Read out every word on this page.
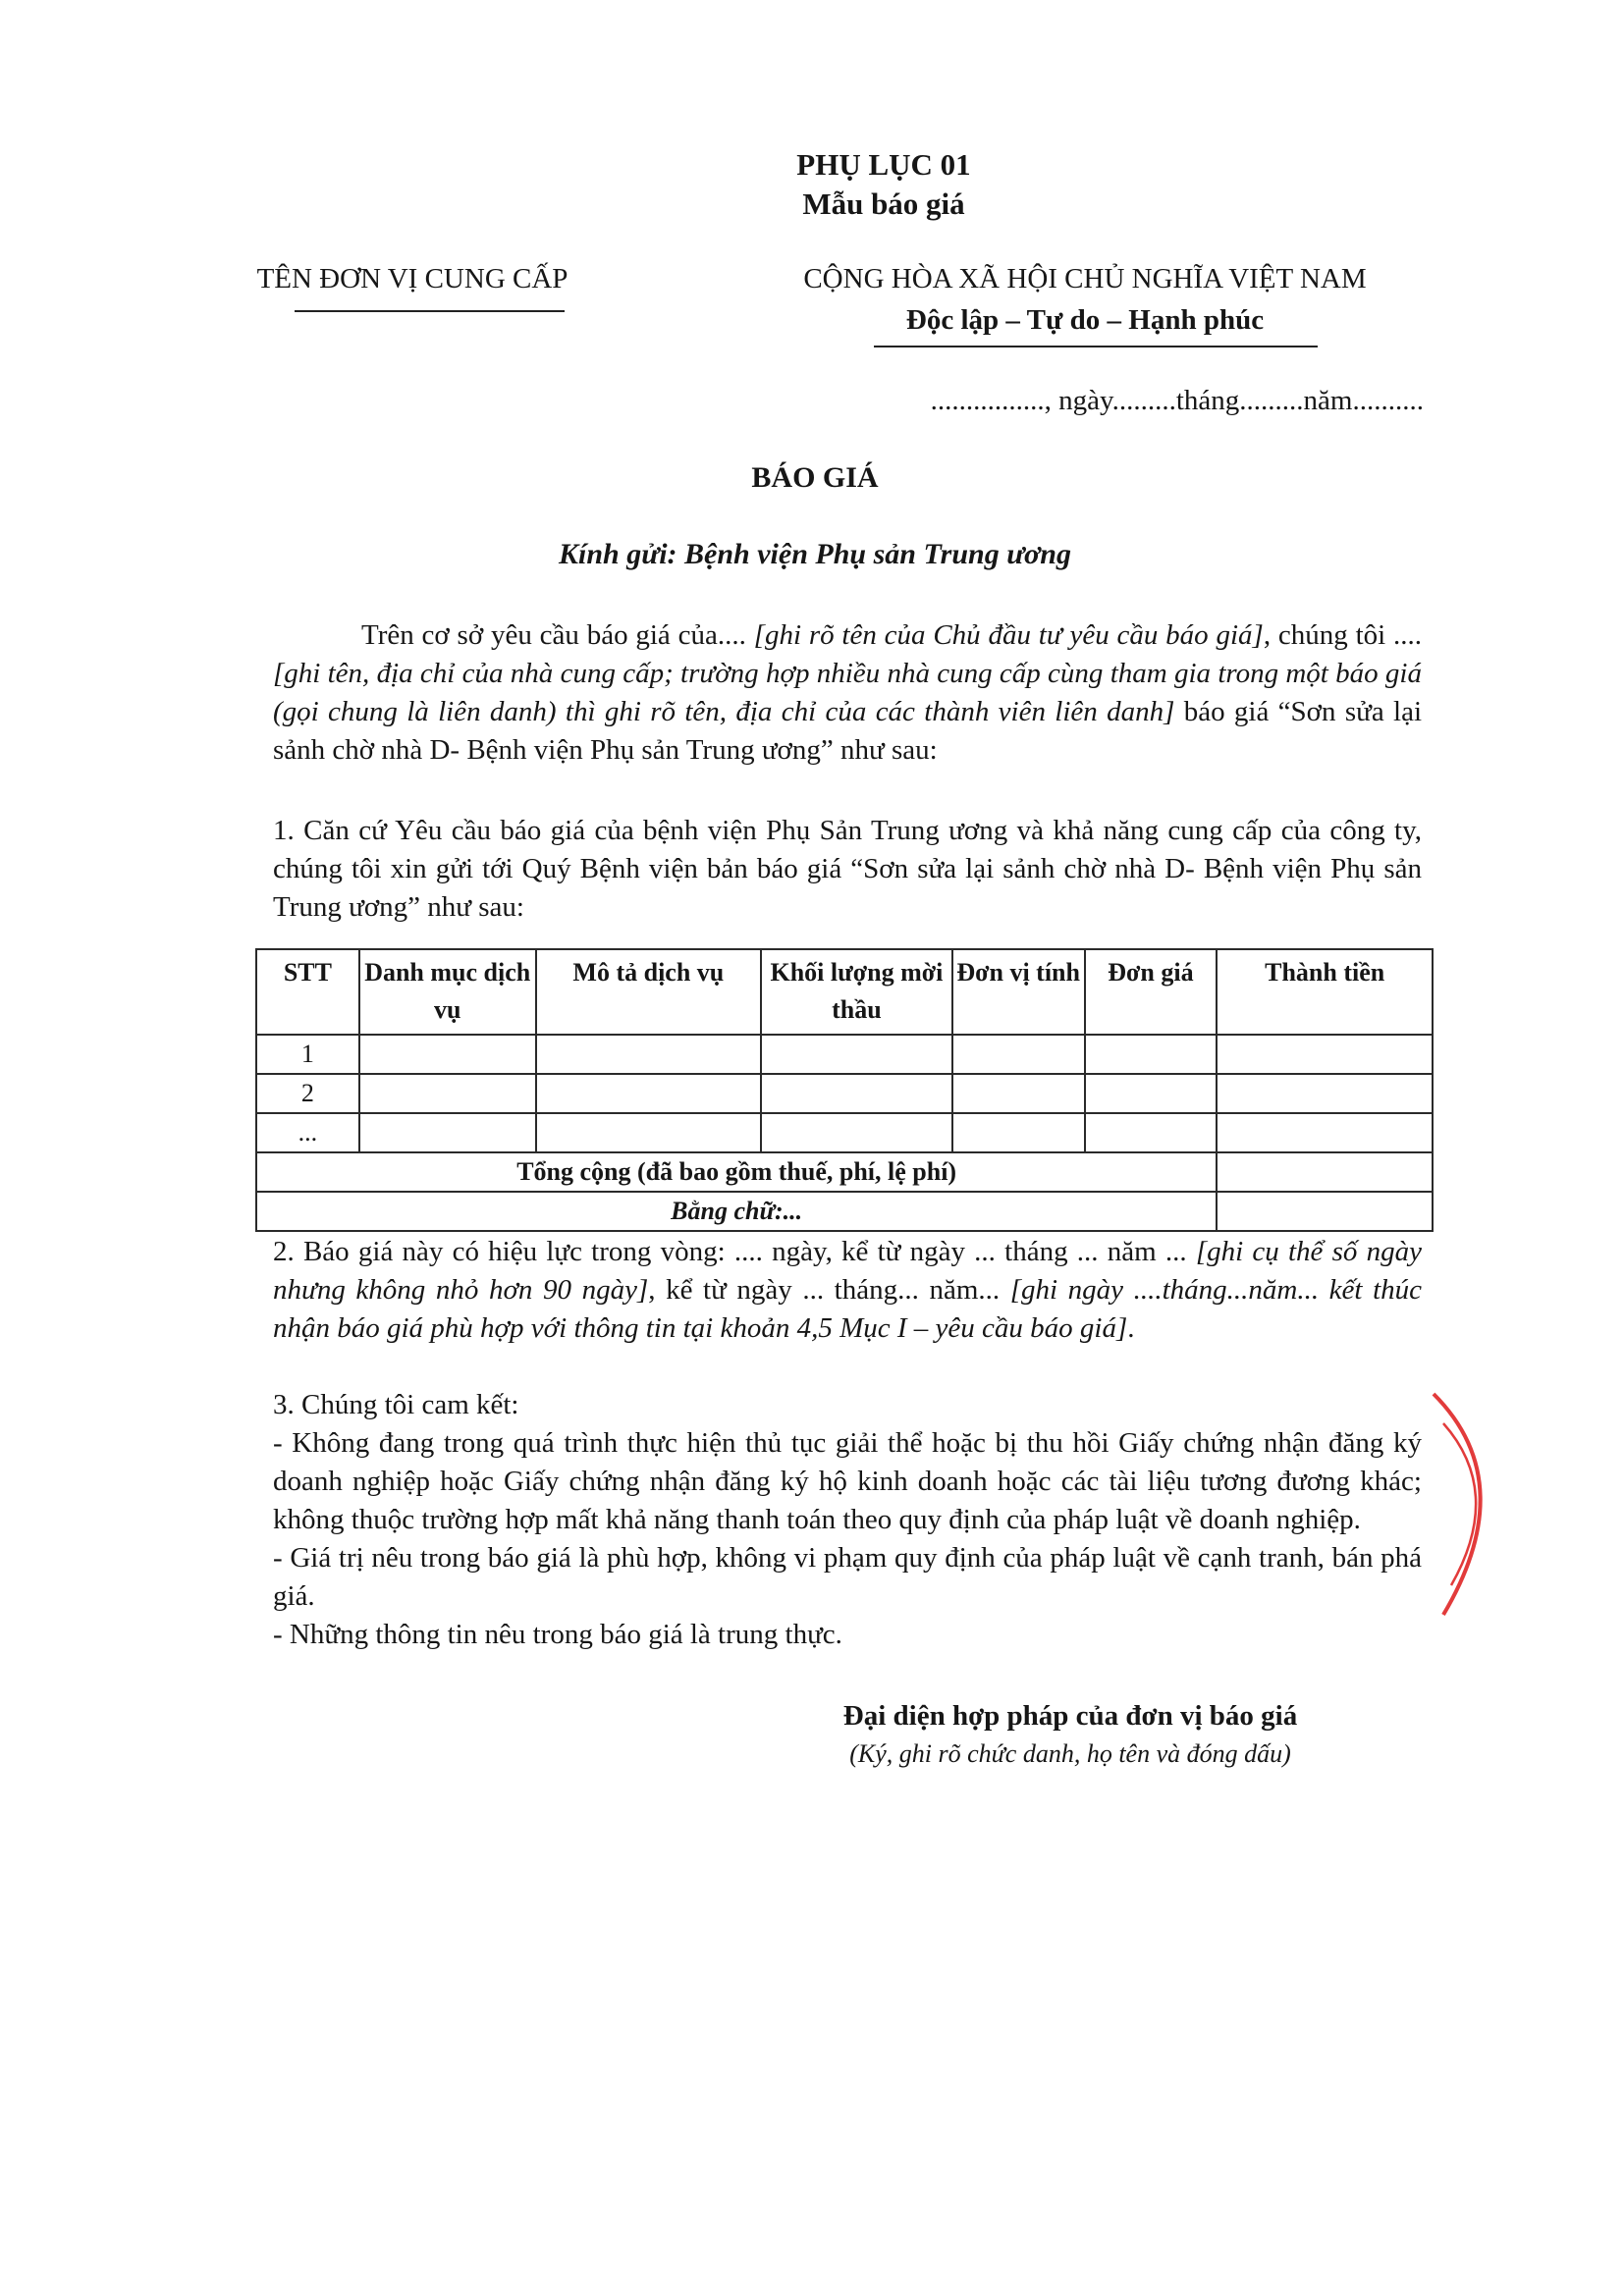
PHỤ LỤC 01
Mẫu báo giá
TÊN ĐƠN VỊ CUNG CẤP	CỘNG HÒA XÃ HỘI CHỦ NGHĨA VIỆT NAM
Độc lập – Tự do – Hạnh phúc
................, ngày.........tháng.........năm..........
BÁO GIÁ
Kính gửi: Bệnh viện Phụ sản Trung ương
Trên cơ sở yêu cầu báo giá của.... [ghi rõ tên của Chủ đầu tư yêu cầu báo giá], chúng tôi .... [ghi tên, địa chỉ của nhà cung cấp; trường hợp nhiều nhà cung cấp cùng tham gia trong một báo giá (gọi chung là liên danh) thì ghi rõ tên, địa chỉ của các thành viên liên danh] báo giá “Sơn sửa lại sảnh chờ nhà D- Bệnh viện Phụ sản Trung ương” như sau:
1. Căn cứ Yêu cầu báo giá của bệnh viện Phụ Sản Trung ương và khả năng cung cấp của công ty, chúng tôi xin gửi tới Quý Bệnh viện bản báo giá “Sơn sửa lại sảnh chờ nhà D- Bệnh viện Phụ sản Trung ương” như sau:
STT	Danh mục dịch vụ	Mô tả dịch vụ	Khối lượng mời thầu	Đơn vị tính	Đơn giá	Thành tiền
1						
2						
...						
Tổng cộng (đã bao gồm thuế, phí, lệ phí)						
Bằng chữ:...						
2. Báo giá này có hiệu lực trong vòng: .... ngày, kể từ ngày ... tháng ... năm ... [ghi cụ thể số ngày nhưng không nhỏ hơn 90 ngày], kể từ ngày ... tháng... năm... [ghi ngày ....tháng...năm... kết thúc nhận báo giá phù hợp với thông tin tại khoản 4,5 Mục I – yêu cầu báo giá].
3. Chúng tôi cam kết:
- Không đang trong quá trình thực hiện thủ tục giải thể hoặc bị thu hồi Giấy chứng nhận đăng ký doanh nghiệp hoặc Giấy chứng nhận đăng ký hộ kinh doanh hoặc các tài liệu tương đương khác; không thuộc trường hợp mất khả năng thanh toán theo quy định của pháp luật về doanh nghiệp.
- Giá trị nêu trong báo giá là phù hợp, không vi phạm quy định của pháp luật về cạnh tranh, bán phá giá.
- Những thông tin nêu trong báo giá là trung thực.
Đại diện hợp pháp của đơn vị báo giá
(Ký, ghi rõ chức danh, họ tên và đóng dấu)
